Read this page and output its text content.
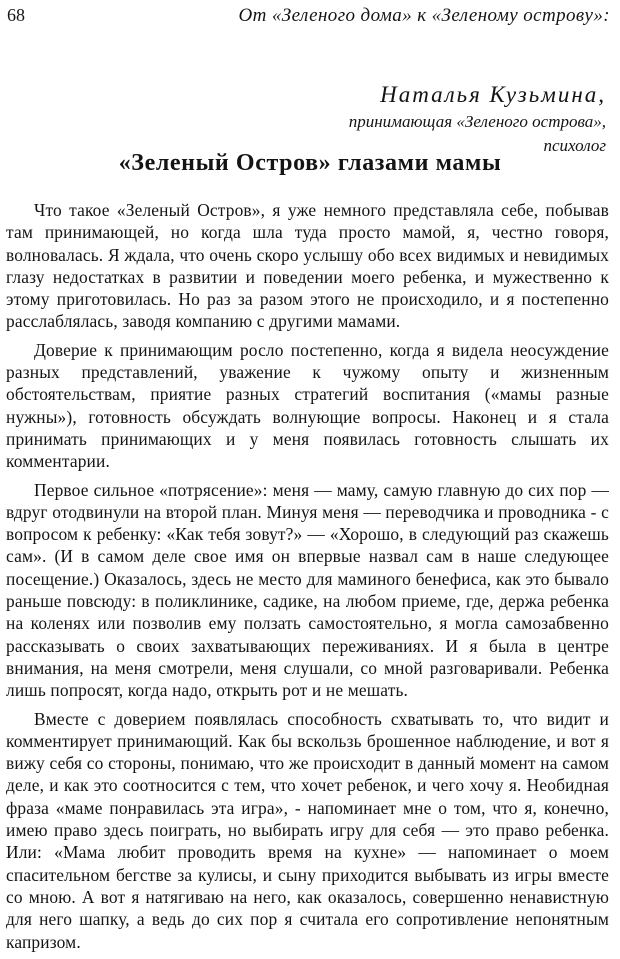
68	От «Зеленого дома» к «Зеленому острову»:
Наталья Кузьмина,
принимающая «Зеленого острова»,
психолог
«Зеленый Остров» глазами мамы

Что такое «Зеленый Остров», я уже немного представляла себе, побывав там принимающей, но когда шла туда просто мамой, я, честно говоря, волновалась. Я ждала, что очень скоро услышу обо всех видимых и невидимых глазу недостатках в развитии и поведении моего ребенка, и мужественно к этому приготовилась. Но раз за разом этого не происходило, и я постепенно расслаблялась, заводя компанию с другими мамами.

Доверие к принимающим росло постепенно, когда я видела неосуждение разных представлений, уважение к чужому опыту и жизненным обстоятельствам, приятие разных стратегий воспитания («мамы разные нужны»), готовность обсуждать волнующие вопросы. Наконец и я стала принимать принимающих и у меня появилась готовность слышать их комментарии.

Первое сильное «потрясение»: меня — маму, самую главную до сих пор — вдруг отодвинули на второй план. Минуя меня — переводчика и проводника - с вопросом к ребенку: «Как тебя зовут?» — «Хорошо, в следующий раз скажешь сам». (И в самом деле свое имя он впервые назвал сам в наше следующее посещение.) Оказалось, здесь не место для маминого бенефиса, как это бывало раньше повсюду: в поликлинике, садике, на любом приеме, где, держа ребенка на коленях или позволив ему ползать самостоятельно, я могла самозабвенно рассказывать о своих захватывающих переживаниях. И я была в центре внимания, на меня смотрели, меня слушали, со мной разговаривали. Ребенка лишь попросят, когда надо, открыть рот и не мешать.

Вместе с доверием появлялась способность схватывать то, что видит и комментирует принимающий. Как бы вскользь брошенное наблюдение, и вот я вижу себя со стороны, понимаю, что же происходит в данный момент на самом деле, и как это соотносится с тем, что хочет ребенок, и чего хочу я. Необидная фраза «маме понравилась эта игра», - напоминает мне о том, что я, конечно, имею право здесь поиграть, но выбирать игру для себя — это право ребенка. Или: «Мама любит проводить время на кухне» — напоминает о моем спасительном бегстве за кулисы, и сыну приходится выбывать из игры вместе со мною. А вот я натягиваю на него, как оказалось, совершенно ненавистную для него шапку, а ведь до сих пор я считала его сопротивление непонятным капризом.
